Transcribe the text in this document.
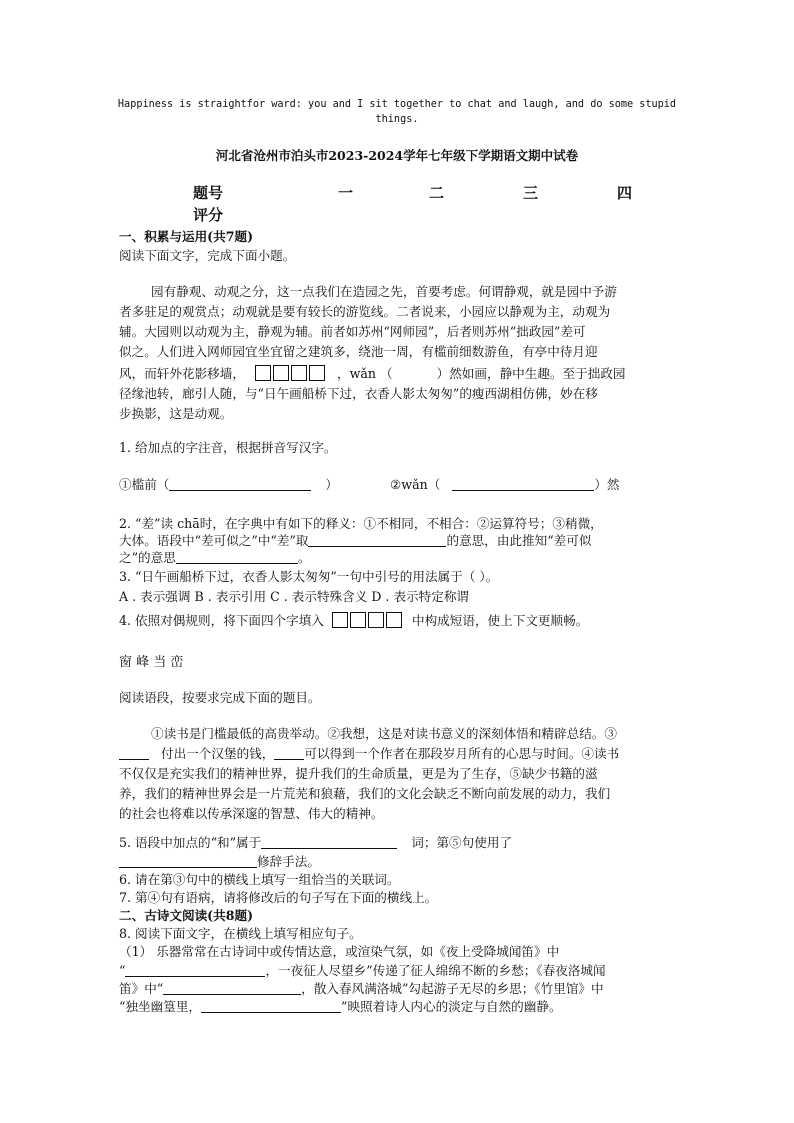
Happiness is straightfor ward: you and I sit together to chat and laugh, and do some stupid
things.
河北省沧州市泊头市2023-2024学年七年级下学期语文期中试卷
题号	一	二	三	四
评分
一、积累与运用(共7题)
阅读下面文字，完成下面小题。
园有静观、动观之分，这一点我们在造园之先，首要考虑。何谓静观，就是园中予游
者多驻足的观赏点；动观就是要有较长的游览线。二者说来，小园应以静观为主，动观为
辅。大园则以动观为主，静观为辅。前者如苏州“网师园”，后者则苏州“拙政园”差可
似之。人们进入网师园宜坐宜留之建筑多，绕池一周，有槛前细数游鱼，有亭中待月迎
风，而轩外花影移墙，	，wǎn （	）然如画，静中生趣。至于拙政园
径缘池转，廊引人随，与“日午画船桥下过，衣香人影太匆匆”的瘦西湖相仿佛，妙在移
步换影，这是动观。
1. 给加点的字注音，根据拼音写汉字。
①槛前（	）	②wǎn（	）然
2. “差”读 chā时，在字典中有如下的释义：①不相同，不相合：②运算符号；③稍微，
大体。语段中“差可似之”中“差”取	的意思，由此推知“差可似
之”的意思	。
3. “日午画船桥下过，衣香人影太匆匆”一句中引号的用法属于（ ）。
A . 表示强调 B . 表示引用 C . 表示特殊含义 D . 表示特定称谓
4. 依照对偶规则，将下面四个字填入	中构成短语，使上下文更顺畅。
窗 峰 当 峦
阅读语段，按要求完成下面的题目。
①读书是门槛最低的高贵举动。②我想，这是对读书意义的深刻体悟和精辟总结。③
付出一个汉堡的钱， 可以得到一个作者在那段岁月所有的心思与时间。④读书
不仅仅是充实我们的精神世界，提升我们的生命质量，更是为了生存，⑤缺少书籍的滋
养，我们的精神世界会是一片荒芜和狼藉，我们的文化会缺乏不断向前发展的动力，我们
的社会也将难以传承深邃的智慧、伟大的精神。
5. 语段中加点的“和”属于	词；第⑤句使用了
修辞手法。
6. 请在第③句中的横线上填写一组恰当的关联词。
7. 第④句有语病，请将修改后的句子写在下面的横线上。
二、古诗文阅读(共8题)
8. 阅读下面文字，在横线上填写相应句子。
（1） 乐器常常在古诗词中或传情达意，或渲染气氛，如《夜上受降城闻笛》中
“	，一夜征人尽望乡”传递了征人绵绵不断的乡愁；《春夜洛城闻
笛》中“	，散入春风满洛城”勾起游子无尽的乡思；《竹里馆》中
“独坐幽篁里，	”映照着诗人内心的淡定与自然的幽静。
